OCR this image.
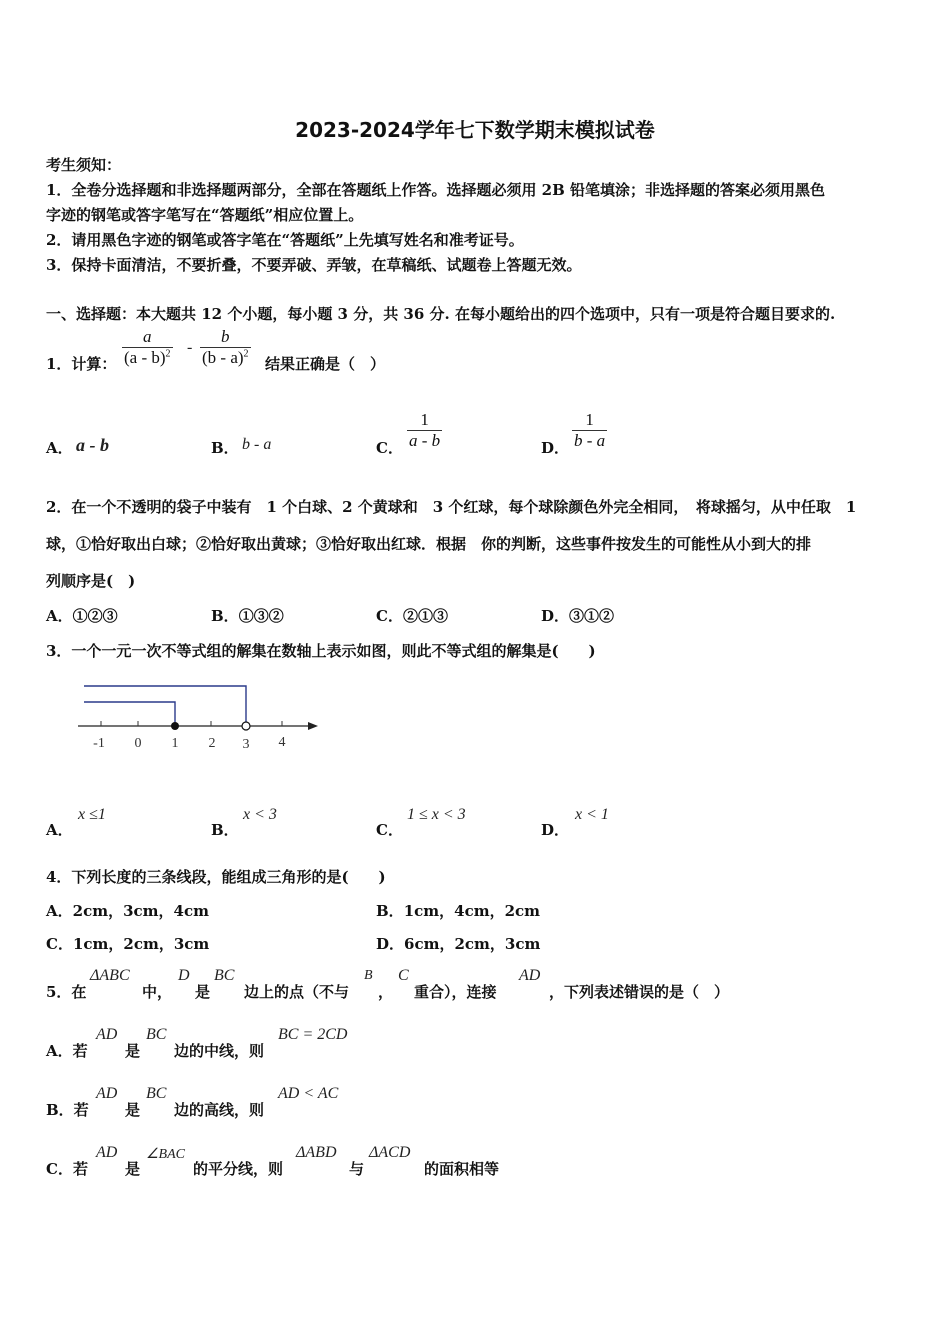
2023-2024学年七下数学期末模拟试卷
考生须知：
1．全卷分选择题和非选择题两部分，全部在答题纸上作答。选择题必须用 2B 铅笔填涂；非选择题的答案必须用黑色
字迹的钢笔或答字笔写在“答题纸”相应位置上。
2．请用黑色字迹的钢笔或答字笔在“答题纸”上先填写姓名和准考证号。
3．保持卡面清洁，不要折叠，不要弄破、弄皱，在草稿纸、试题卷上答题无效。
一、选择题：本大题共 12 个小题，每小题 3 分，共 36 分. 在每小题给出的四个选项中，只有一项是符合题目要求的.
1．计算： $\frac{a}{(a - b)^2} - \frac{b}{(b - a)^2}$ 结果正确是（　）
A． a - b	B． b - a	C． $\frac{1}{a - b}$	D． $\frac{1}{b - a}$
2．在一个不透明的袋子中装有　1 个白球、2 个黄球和　3 个红球，每个球除颜色外完全相同，　将球摇匀，从中任取　1
球，①恰好取出白球；②恰好取出黄球；③恰好取出红球．根据　你的判断，这些事件按发生的可能性从小到大的排
列顺序是(　)
A．①②③	B．①③②	C．②①③	D．③①②
3．一个一元一次不等式组的解集在数轴上表示如图，则此不等式组的解集是(　　)
-1 0 1 2 3 4
A．
x ≤1
B．
x < 3
C．
1 ≤ x < 3
D．
x < 1
4．下列长度的三条线段，能组成三角形的是(　　)
A．2cm，3cm，4cm	B．1cm，4cm，2cm
C．1cm，2cm，3cm	D．6cm，2cm，3cm
5．在
ΔABC
中，
D
是
BC
边上的点（不与
B
，
C
重合），连接
AD
，下列表述错误的是（　）
A．若
AD
是
BC
边的中线，则
BC = 2CD
B．若
AD
是
BC
边的高线，则
AD < AC
C．若
AD
是
∠BAC
的平分线，则
ΔABD
与
ΔACD
的面积相等
